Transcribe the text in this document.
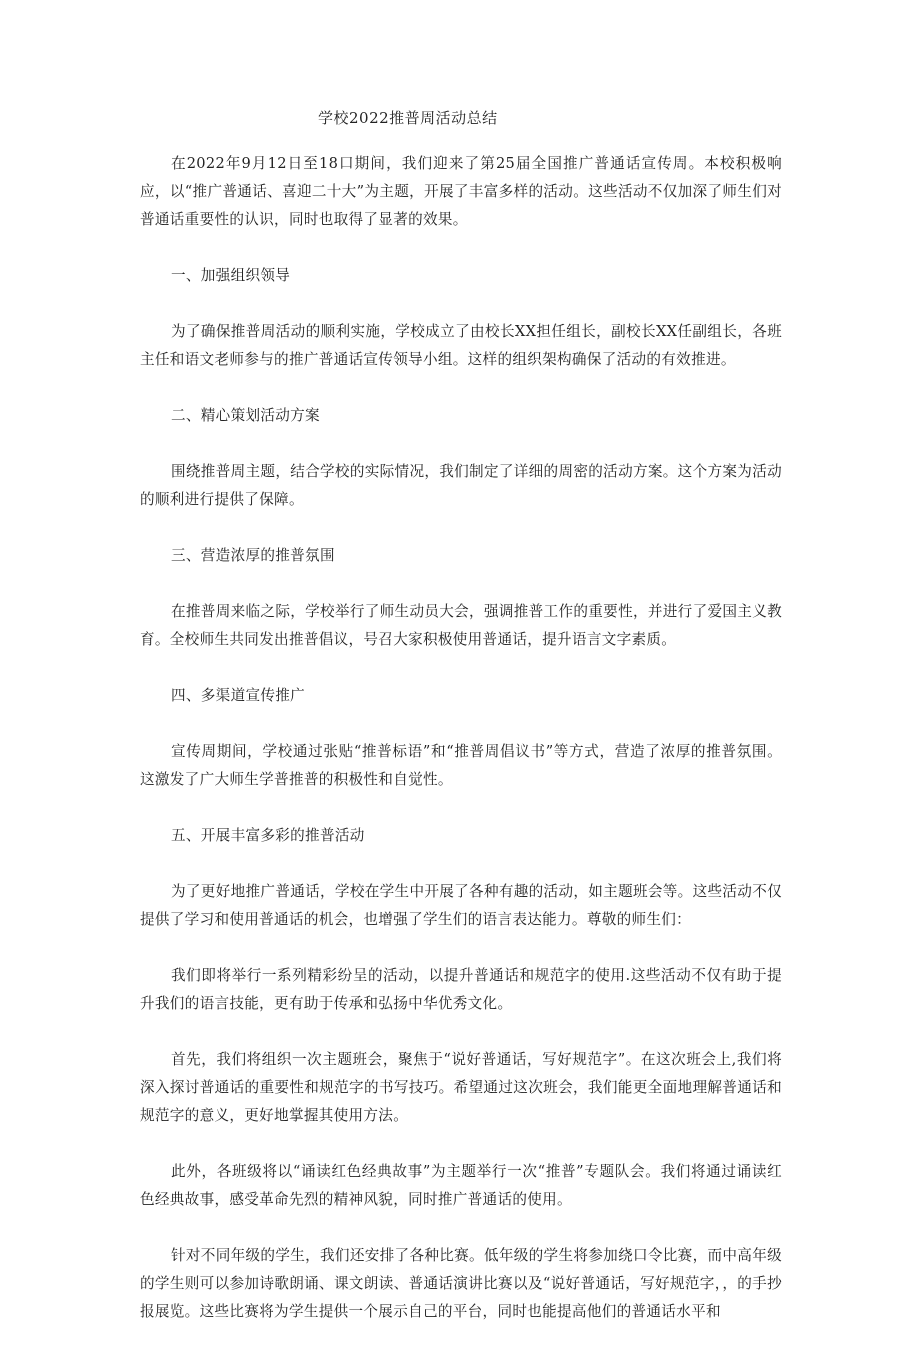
学校2022推普周活动总结

在2022年9月12日至18口期间，我们迎来了第25届全国推广普通话宣传周。本校积极响应，以“推广普通话、喜迎二十大”为主题，开展了丰富多样的活动。这些活动不仅加深了师生们对普通话重要性的认识，同时也取得了显著的效果。

一、加强组织领导

为了确保推普周活动的顺利实施，学校成立了由校长XX担任组长，副校长XX任副组长，各班主任和语文老师参与的推广普通话宣传领导小组。这样的组织架构确保了活动的有效推进。

二、精心策划活动方案

围绕推普周主题，结合学校的实际情况，我们制定了详细的周密的活动方案。这个方案为活动的顺利进行提供了保障。

三、营造浓厚的推普氛围

在推普周来临之际，学校举行了师生动员大会，强调推普工作的重要性，并进行了爱国主义教育。全校师生共同发出推普倡议，号召大家积极使用普通话，提升语言文字素质。

四、多渠道宣传推广

宣传周期间，学校通过张贴“推普标语”和“推普周倡议书”等方式，营造了浓厚的推普氛围。这激发了广大师生学普推普的积极性和自觉性。

五、开展丰富多彩的推普活动

为了更好地推广普通话，学校在学生中开展了各种有趣的活动，如主题班会等。这些活动不仅提供了学习和使用普通话的机会，也增强了学生们的语言表达能力。尊敬的师生们：

我们即将举行一系列精彩纷呈的活动，以提升普通话和规范字的使用.这些活动不仅有助于提升我们的语言技能，更有助于传承和弘扬中华优秀文化。

首先，我们将组织一次主题班会，聚焦于“说好普通话，写好规范字”。在这次班会上,我们将深入探讨普通话的重要性和规范字的书写技巧。希望通过这次班会，我们能更全面地理解普通话和规范字的意义，更好地掌握其使用方法。

此外，各班级将以“诵读红色经典故事”为主题举行一次“推普”专题队会。我们将通过诵读红色经典故事，感受革命先烈的精神风貌，同时推广普通话的使用。

针对不同年级的学生，我们还安排了各种比赛。低年级的学生将参加绕口令比赛，而中高年级的学生则可以参加诗歌朗诵、课文朗读、普通话演讲比赛以及“说好普通话，写好规范字，，的手抄报展览。这些比赛将为学生提供一个展示自己的平台，同时也能提高他们的普通话水平和
